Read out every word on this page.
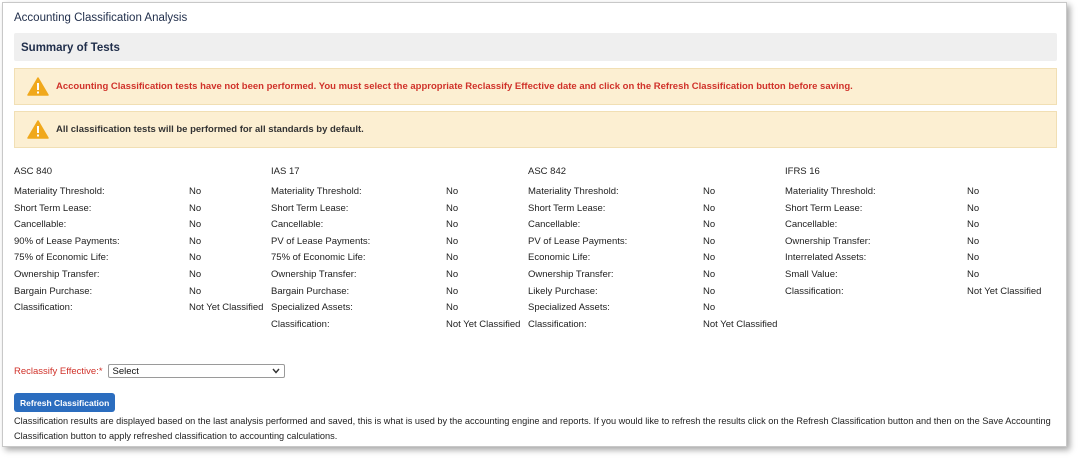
Accounting Classification Analysis
Summary of Tests
Accounting Classification tests have not been performed. You must select the appropriate Reclassify Effective date and click on the Refresh Classification button before saving.
All classification tests will be performed for all standards by default.
ASC 840
Materiality Threshold:	No
Short Term Lease:	No
Cancellable:	No
90% of Lease Payments:	No
75% of Economic Life:	No
Ownership Transfer:	No
Bargain Purchase:	No
Classification:	Not Yet Classified
IAS 17
Materiality Threshold:	No
Short Term Lease:	No
Cancellable:	No
PV of Lease Payments:	No
75% of Economic Life:	No
Ownership Transfer:	No
Bargain Purchase:	No
Specialized Assets:	No
Classification:	Not Yet Classified
ASC 842
Materiality Threshold:	No
Short Term Lease:	No
Cancellable:	No
PV of Lease Payments:	No
Economic Life:	No
Ownership Transfer:	No
Likely Purchase:	No
Specialized Assets:	No
Classification:	Not Yet Classified
IFRS 16
Materiality Threshold:	No
Short Term Lease:	No
Cancellable:	No
Ownership Transfer:	No
Interrelated Assets:	No
Small Value:	No
Classification:	Not Yet Classified
Reclassify Effective:* Select
Refresh Classification
Classification results are displayed based on the last analysis performed and saved, this is what is used by the accounting engine and reports. If you would like to refresh the results click on the Refresh Classification button and then on the Save Accounting Classification button to apply refreshed classification to accounting calculations.
